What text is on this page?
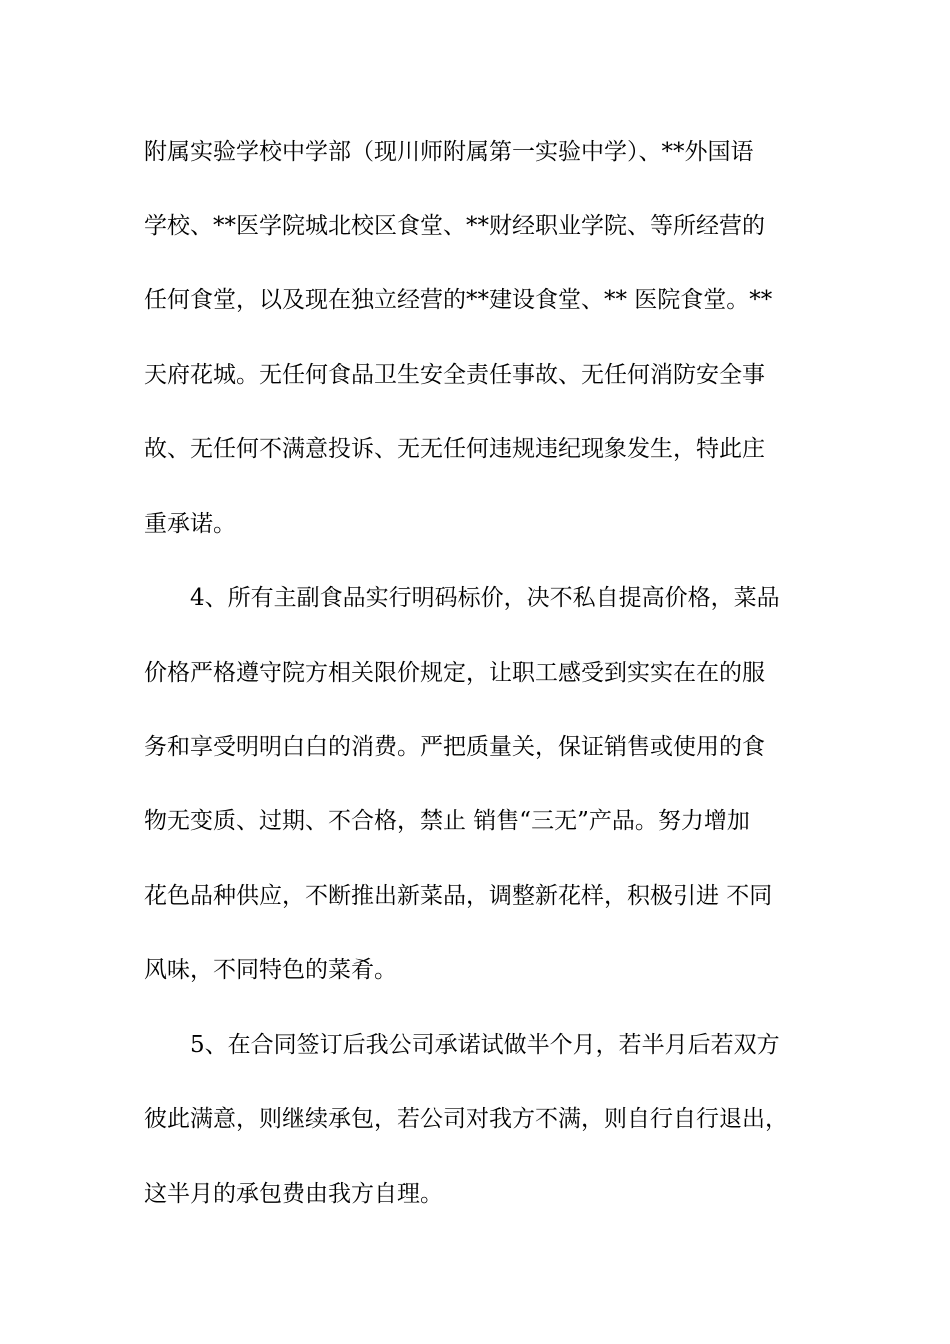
附属实验学校中学部（现川师附属第一实验中学）、**外国语
学校、**医学院城北校区食堂、**财经职业学院、等所经营的
任何食堂，以及现在独立经营的**建设食堂、** 医院食堂。**
天府花城。无任何食品卫生安全责任事故、无任何消防安全事
故、无任何不满意投诉、无无任何违规违纪现象发生，特此庄
重承诺。
4、所有主副食品实行明码标价，决不私自提高价格，菜品
价格严格遵守院方相关限价规定，让职工感受到实实在在的服
务和享受明明白白的消费。严把质量关，保证销售或使用的食
物无变质、过期、不合格，禁止 销售“三无”产品。努力增加
花色品种供应，不断推出新菜品，调整新花样，积极引进 不同
风味，不同特色的菜肴。
5、在合同签订后我公司承诺试做半个月，若半月后若双方
彼此满意，则继续承包，若公司对我方不满，则自行自行退出，
这半月的承包费由我方自理。
